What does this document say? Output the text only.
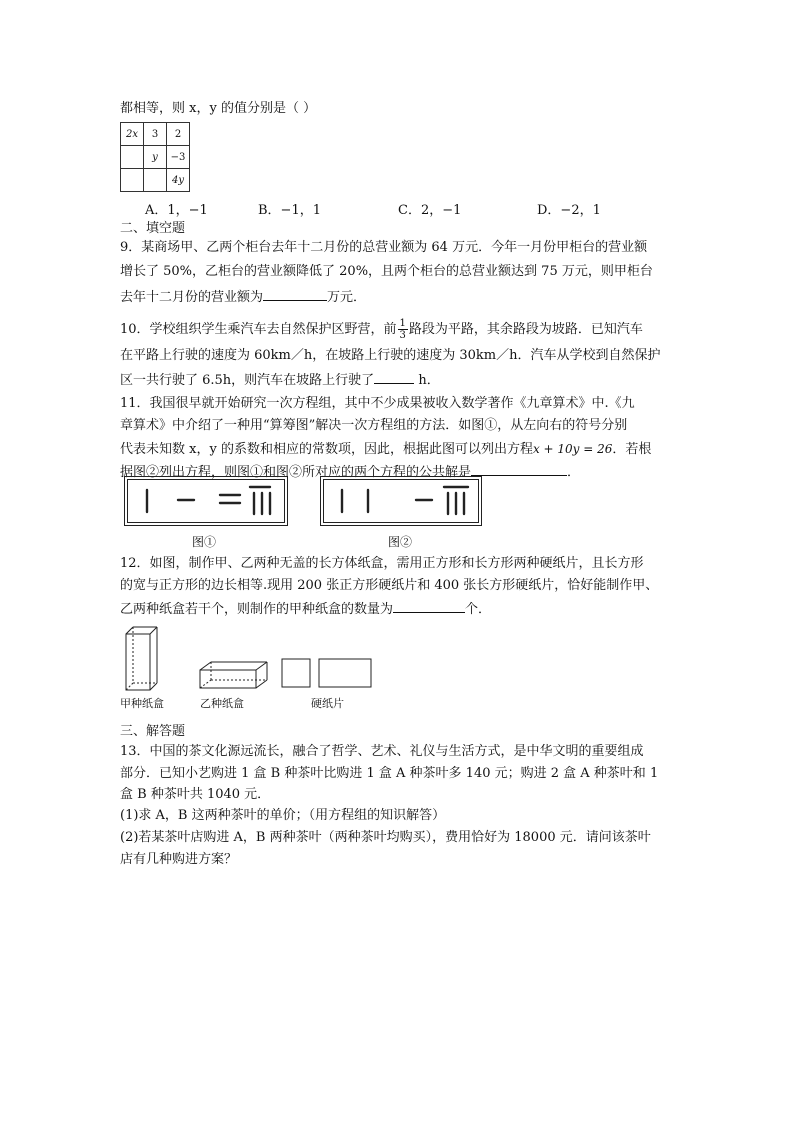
都相等，则 x，y 的值分别是（ ）
2x	3	2
	y	−3
		4y
A．1，−1	B．−1，1	C．2，−1	D．−2，1
二、填空题
9．某商场甲、乙两个柜台去年十二月份的总营业额为 64 万元．今年一月份甲柜台的营业额
增长了 50%，乙柜台的营业额降低了 20%，且两个柜台的总营业额达到 75 万元，则甲柜台
去年十二月份的营业额为	万元．
10．学校组织学生乘汽车去自然保护区野营，前 $\frac{1}{3}$ 路段为平路，其余路段为坡路．已知汽车
在平路上行驶的速度为 60km／h，在坡路上行驶的速度为 30km／h．汽车从学校到自然保护
区一共行驶了 6.5h，则汽车在坡路上行驶了	h．
11．我国很早就开始研究一次方程组，其中不少成果被收入数学著作《九章算术》中.《九
章算术》中介绍了一种用“算筹图”解决一次方程组的方法．如图①，从左向右的符号分别
代表未知数 x，y 的系数和相应的常数项，因此，根据此图可以列出方程x + 10y = 26．若根
据图②列出方程，则图①和图②所对应的两个方程的公共解是	．
图①	图②
12．如图，制作甲、乙两种无盖的长方体纸盒，需用正方形和长方形两种硬纸片，且长方形
的宽与正方形的边长相等.现用 200 张正方形硬纸片和 400 张长方形硬纸片，恰好能制作甲、
乙两种纸盒若干个，则制作的甲种纸盒的数量为	个．
甲种纸盒	乙种纸盒	硬纸片
三、解答题
13．中国的茶文化源远流长，融合了哲学、艺术、礼仪与生活方式，是中华文明的重要组成
部分．已知小艺购进 1 盒 B 种茶叶比购进 1 盒 A 种茶叶多 140 元；购进 2 盒 A 种茶叶和 1
盒 B 种茶叶共 1040 元．
(1)求 A，B 这两种茶叶的单价；（用方程组的知识解答）
(2)若某茶叶店购进 A，B 两种茶叶（两种茶叶均购买），费用恰好为 18000 元．请问该茶叶
店有几种购进方案？
